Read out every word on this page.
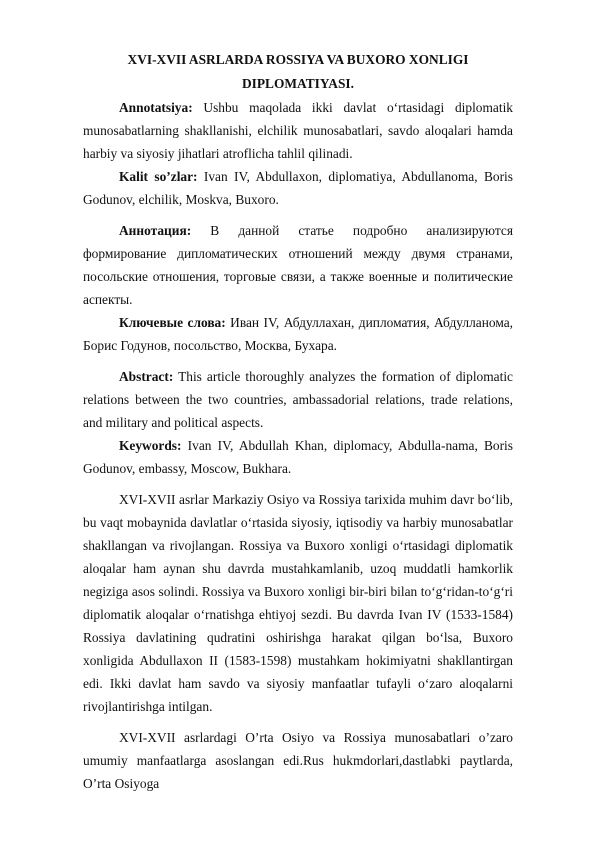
XVI-XVII ASRLARDA ROSSIYA VA BUXORO XONLIGI
DIPLOMATIYASI.

Annotatsiya: Ushbu maqolada ikki davlat o‘rtasidagi diplomatik munosabatlarning shakllanishi, elchilik munosabatlari, savdo aloqalari hamda harbiy va siyosiy jihatlari atroflicha tahlil qilinadi.

Kalit so’zlar: Ivan IV, Abdullaxon, diplomatiya, Abdullanoma, Boris Godunov, elchilik, Moskva, Buxoro.

Аннотация: В данной статье подробно анализируются формирование дипломатических отношений между двумя странами, посольские отношения, торговые связи, а также военные и политические аспекты.

Ключевые слова: Иван IV, Абдуллахан, дипломатия, Абдулланома, Борис Годунов, посольство, Москва, Бухара.

Abstract: This article thoroughly analyzes the formation of diplomatic relations between the two countries, ambassadorial relations, trade relations, and military and political aspects.

Keywords: Ivan IV, Abdullah Khan, diplomacy, Abdulla-nama, Boris Godunov, embassy, Moscow, Bukhara.

XVI-XVII asrlar Markaziy Osiyo va Rossiya tarixida muhim davr bo‘lib, bu vaqt mobaynida davlatlar o‘rtasida siyosiy, iqtisodiy va harbiy munosabatlar shakllangan va rivojlangan. Rossiya va Buxoro xonligi o‘rtasidagi diplomatik aloqalar ham aynan shu davrda mustahkamlanib, uzoq muddatli hamkorlik negiziga asos solindi. Rossiya va Buxoro xonligi bir-biri bilan to‘g‘ridan-to‘g‘ri diplomatik aloqalar o‘rnatishga ehtiyoj sezdi. Bu davrda Ivan IV (1533-1584) Rossiya davlatining qudratini oshirishga harakat qilgan bo‘lsa, Buxoro xonligida Abdullaxon II (1583-1598) mustahkam hokimiyatni shakllantirgan edi. Ikki davlat ham savdo va siyosiy manfaatlar tufayli o‘zaro aloqalarni rivojlantirishga intilgan.

XVI-XVII asrlardagi O’rta Osiyo va Rossiya munosabatlari o’zaro umumiy manfaatlarga asoslangan edi.Rus hukmdorlari,dastlabki paytlarda, O’rta Osiyoga
